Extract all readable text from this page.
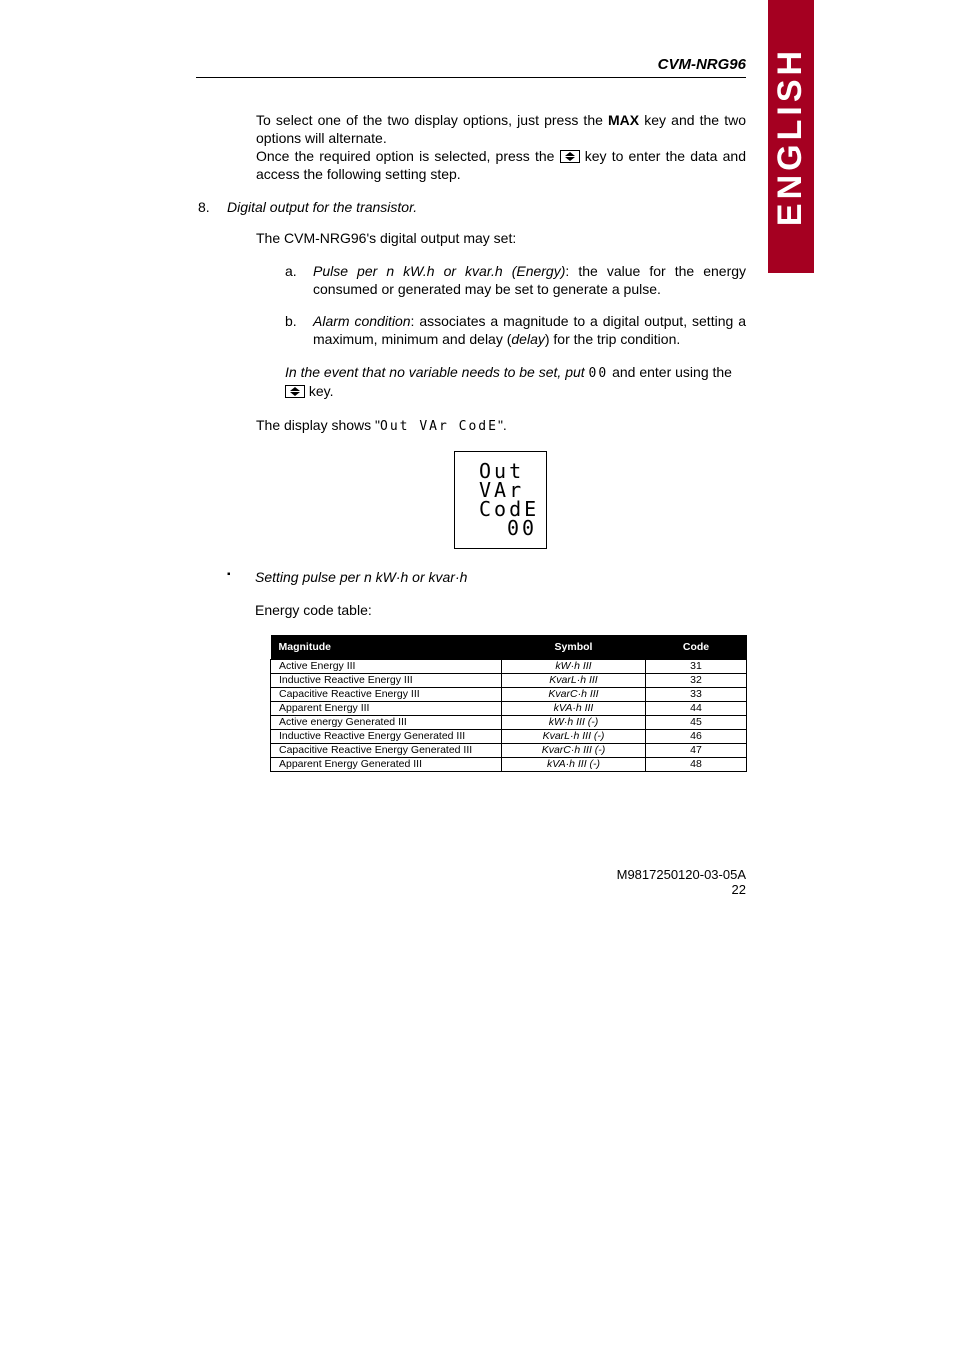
ENGLISH
CVM-NRG96
To select one of the two display options, just press the MAX key and the two options will alternate.
Once the required option is selected, press the
key to enter the data and access the following setting step.
8. Digital output for the transistor.
The CVM-NRG96's digital output may set:
a. Pulse per n kW.h or kvar.h (Energy): the value for the energy consumed or generated may be set to generate a pulse.
b. Alarm condition: associates a magnitude to a digital output, setting a maximum, minimum and delay (delay) for the trip condition.
In the event that no variable needs to be set, put 00 and enter using the

key.
The display shows "Out VAr CodE".
Out
VAr
CodE
00
▪ Setting pulse per n kW·h or kvar·h
Energy code table:
Magnitude	Symbol	Code
Active Energy III	kW·h III	31
Inductive Reactive Energy III	KvarL·h III	32
Capacitive Reactive Energy III	KvarC·h III	33
Apparent Energy III	kVA·h III	44
Active energy Generated III	kW·h III (-)	45
Inductive Reactive Energy Generated III	KvarL·h III (-)	46
Capacitive Reactive Energy Generated III	KvarC·h III (-)	47
Apparent Energy Generated III	kVA·h III (-)	48
M9817250120-03-05A
22
